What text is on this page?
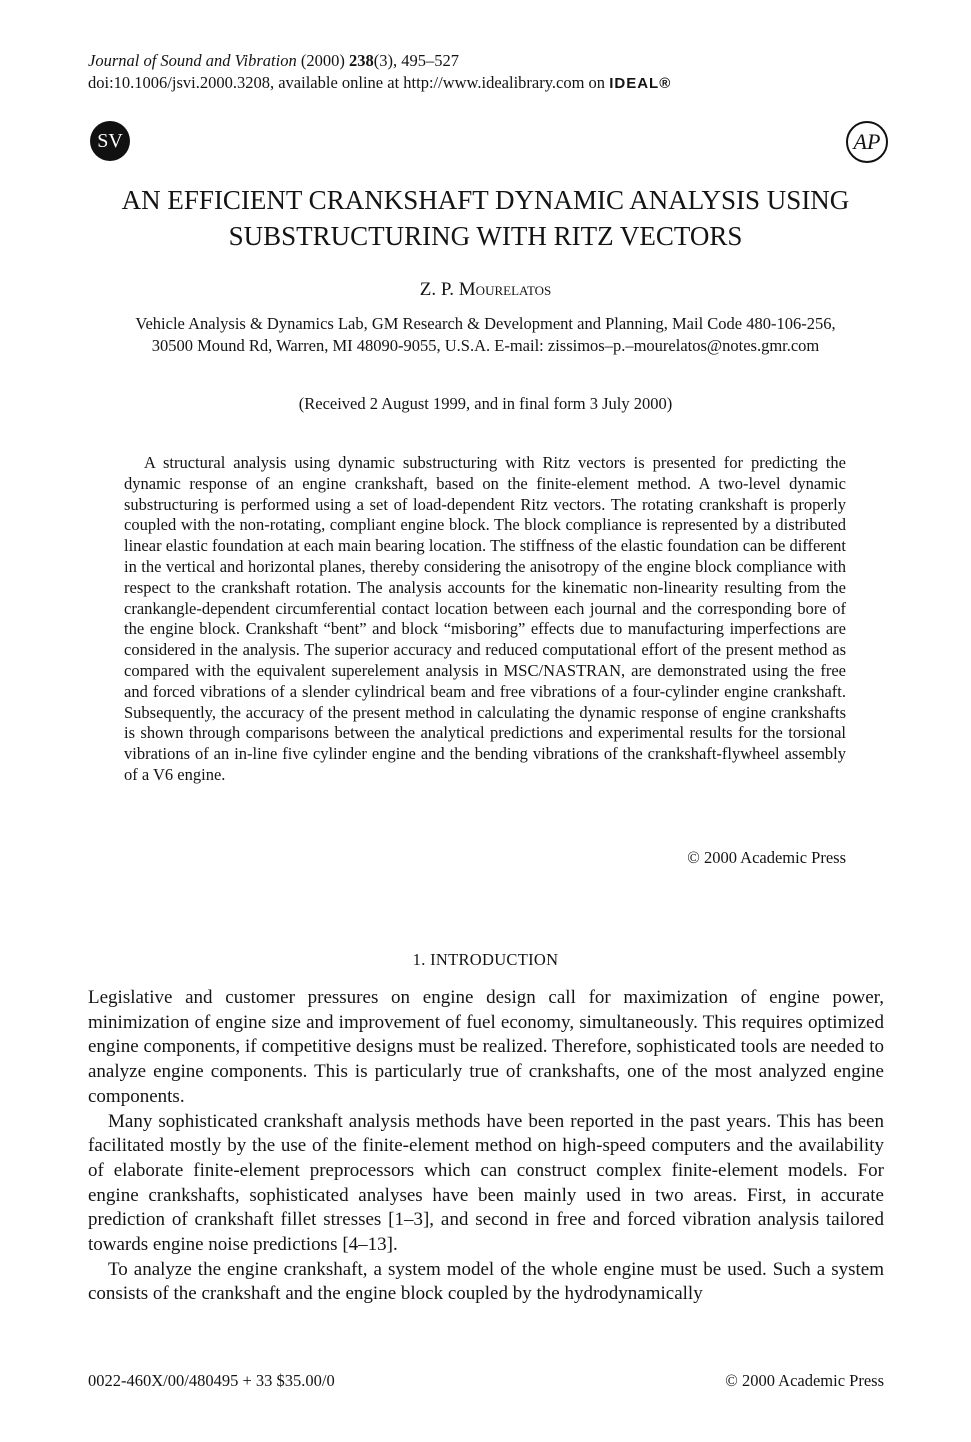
Journal of Sound and Vibration (2000) 238(3), 495–527
doi:10.1006/jsvi.2000.3208, available online at http://www.idealibrary.com on IDEAL®
SV	AP
AN EFFICIENT CRANKSHAFT DYNAMIC ANALYSIS USING
SUBSTRUCTURING WITH RITZ VECTORS
Z. P. Mourelatos
Vehicle Analysis & Dynamics Lab, GM Research & Development and Planning, Mail Code 480-106-256,
30500 Mound Rd, Warren, MI 48090-9055, U.S.A. E-mail: zissimos–p.–mourelatos@notes.gmr.com
(Received 2 August 1999, and in final form 3 July 2000)
A structural analysis using dynamic substructuring with Ritz vectors is presented for predicting the dynamic response of an engine crankshaft, based on the finite-element method. A two-level dynamic substructuring is performed using a set of load-dependent Ritz vectors. The rotating crankshaft is properly coupled with the non-rotating, compliant engine block. The block compliance is represented by a distributed linear elastic foundation at each main bearing location. The stiffness of the elastic foundation can be different in the vertical and horizontal planes, thereby considering the anisotropy of the engine block compliance with respect to the crankshaft rotation. The analysis accounts for the kinematic non-linearity resulting from the crankangle-dependent circumferential contact location between each journal and the corresponding bore of the engine block. Crankshaft “bent” and block “misboring” effects due to manufacturing imperfections are considered in the analysis. The superior accuracy and reduced computational effort of the present method as compared with the equivalent superelement analysis in MSC/NASTRAN, are demonstrated using the free and forced vibrations of a slender cylindrical beam and free vibrations of a four-cylinder engine crankshaft. Subsequently, the accuracy of the present method in calculating the dynamic response of engine crankshafts is shown through comparisons between the analytical predictions and experimental results for the torsional vibrations of an in-line five cylinder engine and the bending vibrations of the crankshaft-flywheel assembly of a V6 engine.
© 2000 Academic Press
1. INTRODUCTION

Legislative and customer pressures on engine design call for maximization of engine power, minimization of engine size and improvement of fuel economy, simultaneously. This requires optimized engine components, if competitive designs must be realized. Therefore, sophisticated tools are needed to analyze engine components. This is particularly true of crankshafts, one of the most analyzed engine components.

Many sophisticated crankshaft analysis methods have been reported in the past years. This has been facilitated mostly by the use of the finite-element method on high-speed computers and the availability of elaborate finite-element preprocessors which can construct complex finite-element models. For engine crankshafts, sophisticated analyses have been mainly used in two areas. First, in accurate prediction of crankshaft fillet stresses [1–3], and second in free and forced vibration analysis tailored towards engine noise predictions [4–13].

To analyze the engine crankshaft, a system model of the whole engine must be used. Such a system consists of the crankshaft and the engine block coupled by the hydrodynamically

0022-460X/00/480495 + 33 $35.00/0	© 2000 Academic Press
